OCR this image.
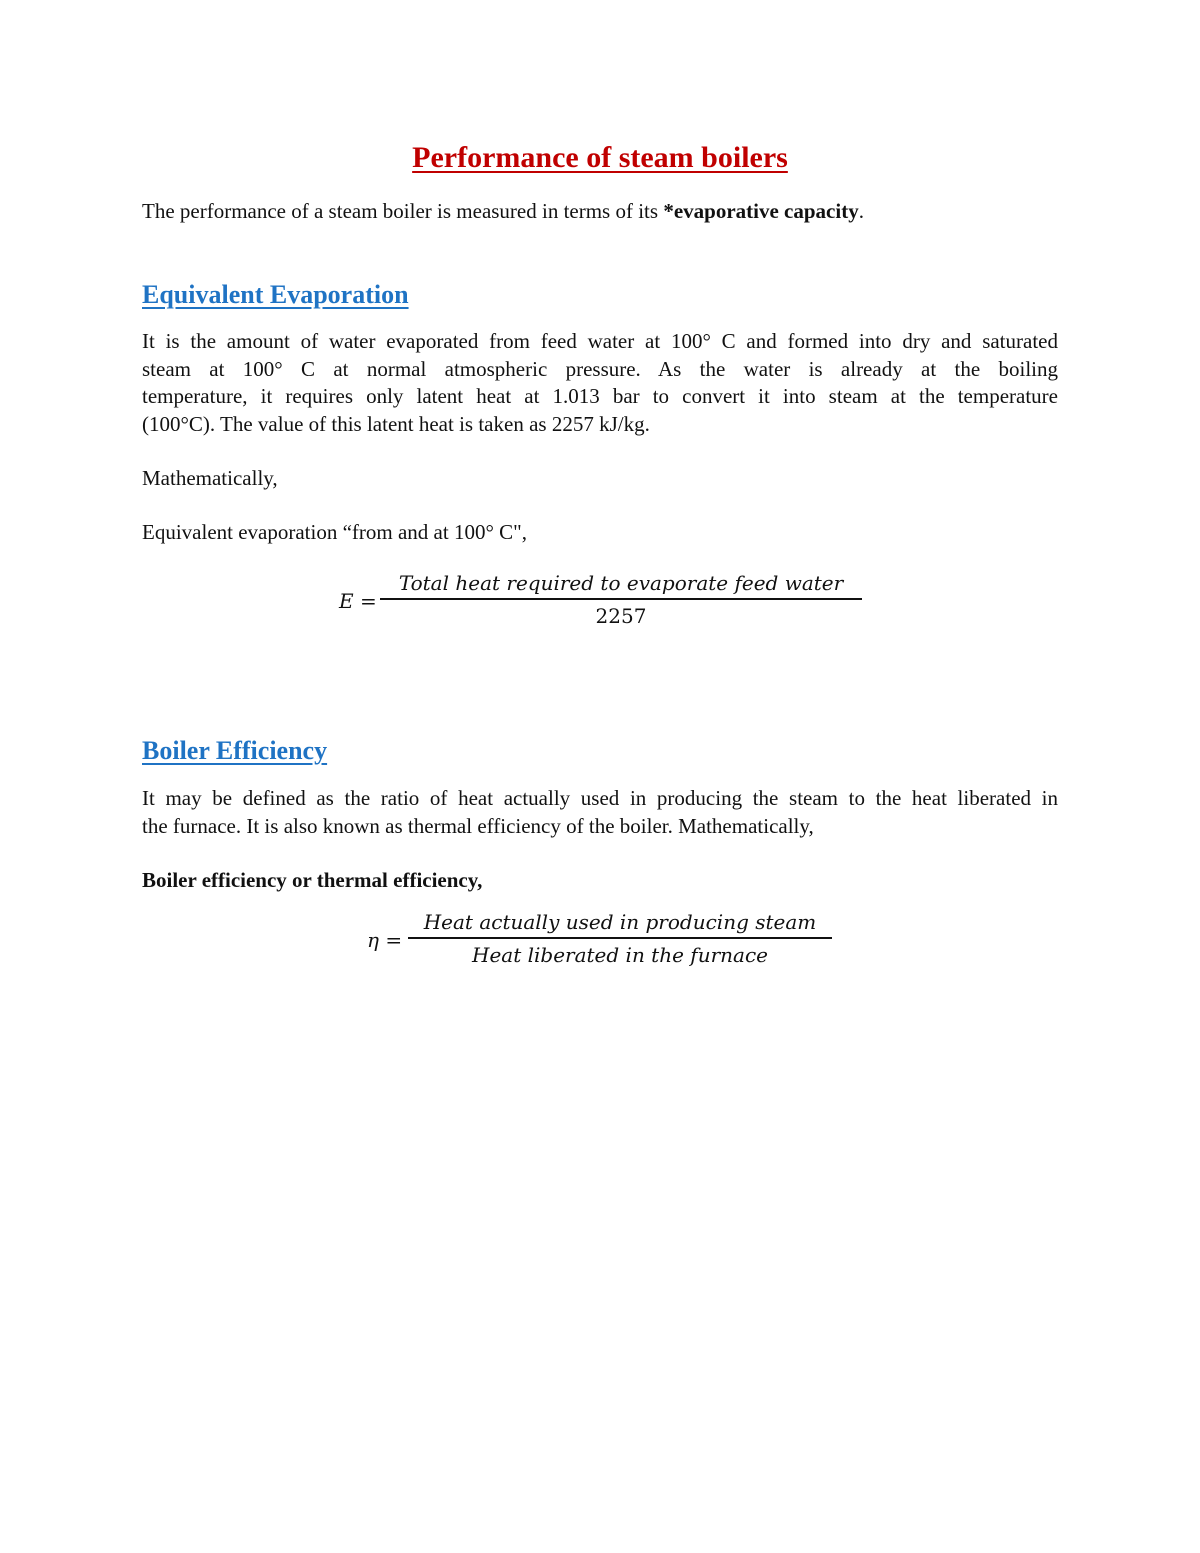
Performance of steam boilers
The performance of a steam boiler is measured in terms of its *evaporative capacity.
Equivalent Evaporation
It is the amount of water evaporated from feed water at 100° C and formed into dry and saturated
steam at 100° C at normal atmospheric pressure. As the water is already at the boiling
temperature, it requires only latent heat at 1.013 bar to convert it into steam at the temperature
(100°C). The value of this latent heat is taken as 2257 kJ/kg.
Mathematically,
Equivalent evaporation “from and at 100° C",
E =
Total heat required to evaporate feed water
2257
Boiler Efficiency
It may be defined as the ratio of heat actually used in producing the steam to the heat liberated in
the furnace. It is also known as thermal efficiency of the boiler. Mathematically,
Boiler efficiency or thermal efficiency,
η =
Heat actually used in producing steam
Heat liberated in the furnace
